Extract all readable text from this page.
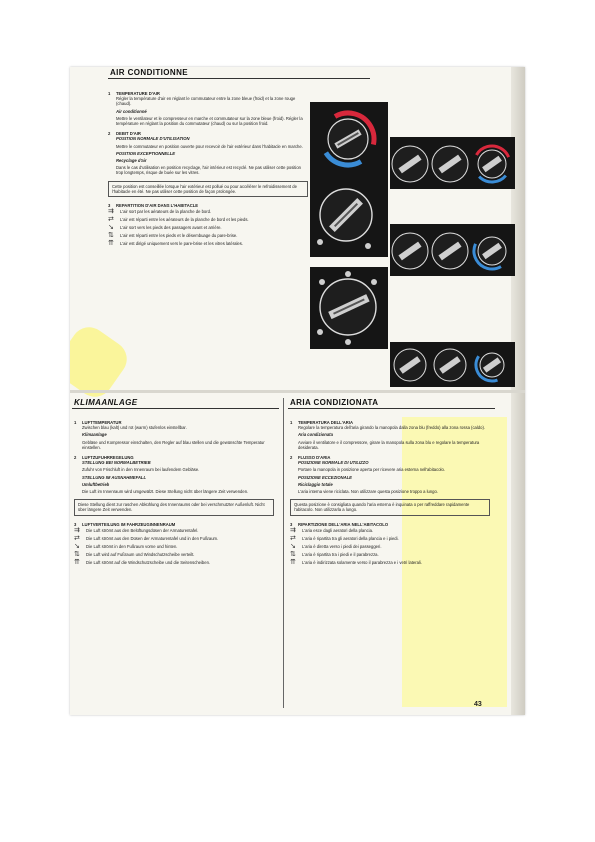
AIR CONDITIONNE
1 TEMPERATURE D'AIR

Régler la température d'air en réglant le commutateur entre la zone bleue (froid) et la zone rouge (chaud).

Air conditionné

Mettre le ventilateur et le compresseur en marche et commutateur sur la zone bleue (froid). Régler la température en réglant la position du commutateur (chaud) ou sur la position froid.

2 DEBIT D'AIR

POSITION NORMALE D'UTILISATION

Mettre le commutateur en position ouverte pour recevoir de l'air extérieur dans l'habitacle en marche.

POSITION EXCEPTIONNELLE

Recyclage d'air

Dans le cas d'utilisation en position recyclage, l'air intérieur est recyclé. Ne pas utiliser cette position trop longtemps, risque de buée sur les vitres.

Cette position est conseillée lorsque l'air extérieur est pollué ou pour accélérer le refroidissement de l'habitacle en été. Ne pas utiliser cette position de façon prolongée.
3 REPARTITION D'AIR DANS L'HABITACLE
⇉	L'air sort par les aérateurs de la planche de bord.
⇄	L'air est réparti entre les aérateurs de la planche de bord et les pieds.
↘	L'air sort vers les pieds des passagers avant et arrière.
⇅	L'air est réparti entre les pieds et le désembuage du pare-brise.
⇈	L'air est dirigé uniquement vers le pare-brise et les vitres latérales.
KLIMAANLAGE	ARIA CONDIZIONATA
1 LUFTTEMPERATUR

Zwischen blau (kalt) und rot (warm) stufenlos einstellbar.

Klimaanlage

Gebläse und Kompressor einschalten, den Regler auf blau stellen und die gewünschte Temperatur einstellen.

2 LUFTZUFUHRREGELUNG

STELLUNG BEI NORMALBETRIEB

Zufuhr von Frischluft in den Innenraum bei laufendem Gebläse.

STELLUNG IM AUSNAHMEFALL

Umluftbetrieb

Die Luft im Innenraum wird umgewälzt. Diese Stellung nicht über längere Zeit verwenden.

Diese Stellung dient zur raschen Abkühlung des Innenraums oder bei verschmutzter Außenluft. Nicht über längere Zeit verwenden.
3 LUFTVERTEILUNG IM FAHRZEUGINNENRAUM
⇉	Die Luft strömt aus den Belüftungsdüsen der Armaturentafel.
⇄	Die Luft strömt aus den Düsen der Armaturentafel und in den Fußraum.
↘	Die Luft strömt in den Fußraum vorne und hinten.
⇅	Die Luft wird auf Fußraum und Windschutzscheibe verteilt.
⇈	Die Luft strömt auf die Windschutzscheibe und die Seitenscheiben.
1 TEMPERATURA DELL'ARIA

Regolare la temperatura dell'aria girando la manopola dalla zona blu (freddo) alla zona rossa (caldo).

Aria condizionata

Avviare il ventilatore e il compressore, girare la manopola sulla zona blu e regolare la temperatura desiderata.

2 FLUSSO D'ARIA

POSIZIONE NORMALE DI UTILIZZO

Portare la manopola in posizione aperta per ricevere aria esterna nell'abitacolo.

POSIZIONE ECCEZIONALE

Riciclaggio totale

L'aria interna viene riciclata. Non utilizzare questa posizione troppo a lungo.

Questa posizione è consigliata quando l'aria esterna è inquinata o per raffreddare rapidamente l'abitacolo. Non utilizzarla a lungo.
3 RIPARTIZIONE DELL'ARIA NELL'ABITACOLO
⇉	L'aria esce dagli aeratori della plancia.
⇄	L'aria è ripartita tra gli aeratori della plancia e i piedi.
↘	L'aria è diretta verso i piedi dei passeggeri.
⇅	L'aria è ripartita tra i piedi e il parabrezza.
⇈	L'aria è indirizzata solamente verso il parabrezza e i vetri laterali.
43
